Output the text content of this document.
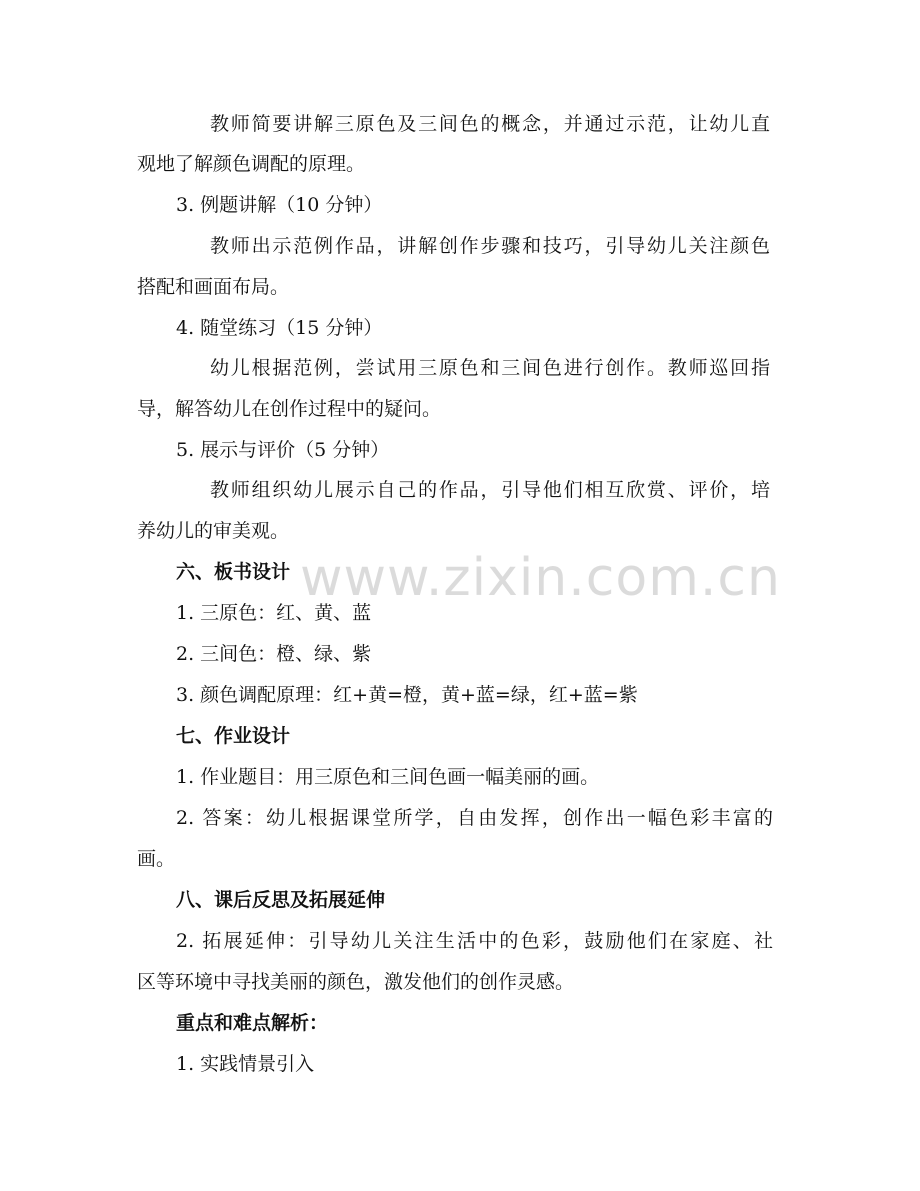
教师简要讲解三原色及三间色的概念，并通过示范，让幼儿直
观地了解颜色调配的原理。
3. 例题讲解（10 分钟）
教师出示范例作品，讲解创作步骤和技巧，引导幼儿关注颜色
搭配和画面布局。
4. 随堂练习（15 分钟）
幼儿根据范例，尝试用三原色和三间色进行创作。教师巡回指
导，解答幼儿在创作过程中的疑问。
5. 展示与评价（5 分钟）
教师组织幼儿展示自己的作品，引导他们相互欣赏、评价，培
养幼儿的审美观。
六、板书设计
1. 三原色：红、黄、蓝
2. 三间色：橙、绿、紫
3. 颜色调配原理：红+黄=橙，黄+蓝=绿，红+蓝=紫
七、作业设计
1. 作业题目：用三原色和三间色画一幅美丽的画。
2. 答案：幼儿根据课堂所学，自由发挥，创作出一幅色彩丰富的
画。
八、课后反思及拓展延伸
2. 拓展延伸：引导幼儿关注生活中的色彩，鼓励他们在家庭、社
区等环境中寻找美丽的颜色，激发他们的创作灵感。
重点和难点解析：
1. 实践情景引入
www.zixin.com.cn
